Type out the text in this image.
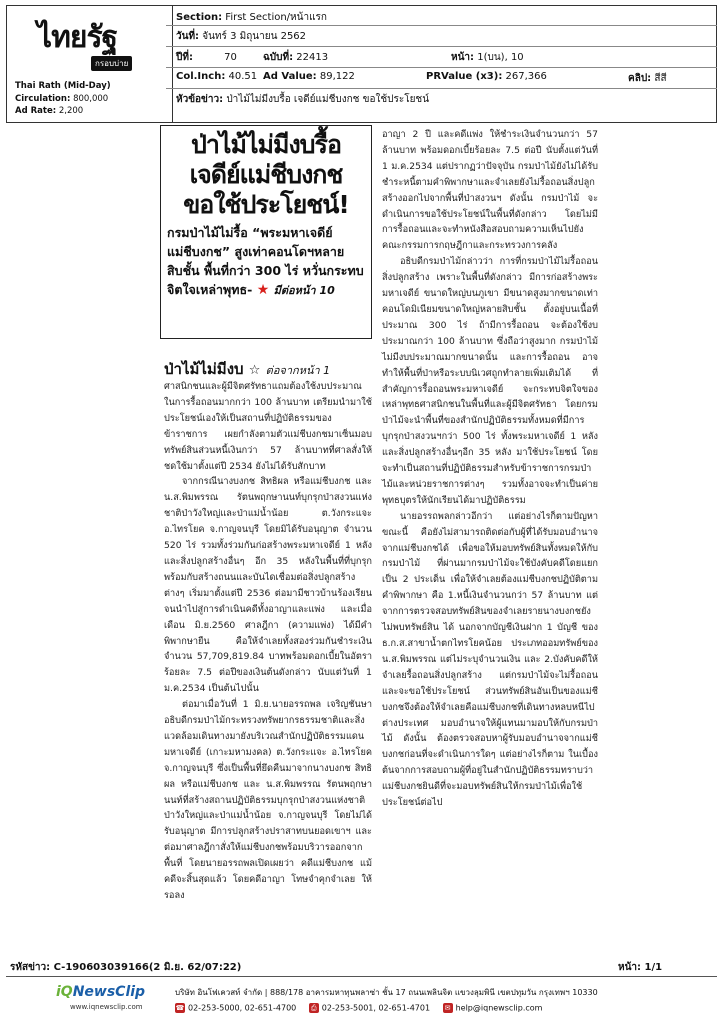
ไทยรัฐ
กรอบบ่าย
Thai Rath (Mid-Day)
Circulation: 800,000
Ad Rate: 2,200
Section: First Section/หน้าแรก
วันที่: จันทร์ 3 มิถุนายน 2562
ปีที่:	70	ฉบับที่: 22413	หน้า: 1(บน), 10
Col.Inch: 40.51 Ad Value: 89,122	PRValue (x3): 267,366	คลิป: สีสี
หัวข้อข่าว: ป่าไม้ไม่มีงบรื้อ เจดีย์แม่ชีบงกช ขอใช้ประโยชน์
ป่าไม้ไม่มีงบรื้อ
เจดีย์แม่ชีบงกช
ขอใช้ประโยชน์!
กรมป่าไม้ไม่รื้อ “พระมหาเจดีย์
แม่ชีบงกช” สูงเท่าคอนโดฯหลาย
สิบชั้น พื้นที่กว่า 300 ไร่ หวั่นกระทบ
จิตใจเหล่าพุทธ- ★ มีต่อหน้า 10
ป่าไม้ไม่มีงบ ☆ ต่อจากหน้า 1

ศาสนิกชนและผู้มีจิตศรัทธาแถมต้องใช้งบประมาณในการรื้อถอนมากกว่า 100 ล้านบาท เตรียมนำมาใช้ประโยชน์เองให้เป็นสถานที่ปฏิบัติธรรมของข้าราชการ เผยกำลังตามตัวแม่ชีบงกชมาเซ็นมอบทรัพย์สินส่วนหนี้เงินกว่า 57 ล้านบาทที่ศาลสั่งให้ชดใช้มาตั้งแต่ปี 2534 ยังไม่ได้รับสักบาท

จากกรณีนางบงกช สิทธิผล หรือแม่ชีบงกช และ น.ส.พิมพรรณ รัตนพฤกษานนท์บุกรุกป่าสงวนแห่งชาติป่าวังใหญ่และป่าแม่น้ำน้อย ต.วังกระแจะ อ.ไทรโยค จ.กาญจนบุรี โดยมิได้รับอนุญาต จำนวน 520 ไร่ รวมทั้งร่วมกันก่อสร้างพระมหาเจดีย์ 1 หลัง และสิ่งปลูกสร้างอื่นๆ อีก 35 หลังในพื้นที่ที่บุกรุก พร้อมกับสร้างถนนและบันไดเชื่อมต่อสิ่งปลูกสร้างต่างๆ เริ่มมาตั้งแต่ปี 2536 ต่อมามีชาวบ้านร้องเรียนจนนำไปสู่การดำเนินคดีทั้งอาญาและแพ่ง และเมื่อเดือน มิ.ย.2560 ศาลฎีกา (ความแพ่ง) ได้มีคำพิพากษายืน คือให้จำเลยทั้งสองร่วมกันชำระเงินจำนวน 57,709,819.84 บาทพร้อมดอกเบี้ยในอัตราร้อยละ 7.5 ต่อปีของเงินต้นดังกล่าว นับแต่วันที่ 1 ม.ค.2534 เป็นต้นไปนั้น

ต่อมาเมื่อวันที่ 1 มิ.ย.นายอรรถพล เจริญชันษาอธิบดีกรมป่าไม้กระทรวงทรัพยากรธรรมชาติและสิ่งแวดล้อมเดินทางมายังบริเวณสำนักปฏิบัติธรรมแดนมหาเจดีย์ (เกาะมหามงคล) ต.วังกระแจะ อ.ไทรโยค จ.กาญจนบุรี ซึ่งเป็นพื้นที่ยึดคืนมาจากนางบงกช สิทธิผล หรือแม่ชีบงกช และ น.ส.พิมพรรณ รัตนพฤกษานนท์ที่สร้างสถานปฏิบัติธรรมบุกรุกป่าสงวนแห่งชาติป่าวังใหญ่และป่าแม่น้ำน้อย จ.กาญจนบุรี โดยไม่ได้รับอนุญาต มีการปลูกสร้างปราสาทบนยอดเขาฯ และต่อมาศาลฎีกาสั่งให้แม่ชีบงกชพร้อมบริวารออกจากพื้นที่ โดยนายอรรถพลเปิดเผยว่า คดีแม่ชีบงกช แม้คดีจะสิ้นสุดแล้ว โดยคดีอาญา โทษจำคุกจำเลย ให้รอลง

อาญา 2 ปี และคดีแพ่ง ให้ชำระเงินจำนวนกว่า 57 ล้านบาท พร้อมดอกเบี้ยร้อยละ 7.5 ต่อปี นับตั้งแต่วันที่ 1 ม.ค.2534 แต่ปรากฏว่าปัจจุบัน กรมป่าไม้ยังไม่ได้รับชำระหนี้ตามคำพิพากษาและจำเลยยังไม่รื้อถอนสิ่งปลูกสร้างออกไปจากพื้นที่ป่าสงวนฯ ดังนั้น กรมป่าไม้ จะดำเนินการขอใช้ประโยชน์ในพื้นที่ดังกล่าว โดยไม่มีการรื้อถอนและจะทำหนังสือสอบถามความเห็นไปยังคณะกรรมการกฤษฎีกาและกระทรวงการคลัง

อธิบดีกรมป่าไม้กล่าวว่า การที่กรมป่าไม้ไม่รื้อถอนสิ่งปลูกสร้าง เพราะในพื้นที่ดังกล่าว มีการก่อสร้างพระมหาเจดีย์ ขนาดใหญ่บนภูเขา มีขนาดสูงมากขนาดเท่าคอนโดมิเนียมขนาดใหญ่หลายสิบชั้น ตั้งอยู่บนเนื้อที่ประมาณ 300 ไร่ ถ้ามีการรื้อถอน จะต้องใช้งบประมาณกว่า 100 ล้านบาท ซึ่งถือว่าสูงมาก กรมป่าไม้ไม่มีงบประมาณมากขนาดนั้น และการรื้อถอน อาจทำให้พื้นที่ป่าหรือระบบนิเวศถูกทำลายเพิ่มเติมได้ ที่สำคัญการรื้อถอนพระมหาเจดีย์ จะกระทบจิตใจของเหล่าพุทธศาสนิกชนในพื้นที่และผู้มีจิตศรัทธา โดยกรมป่าไม้จะนำพื้นที่ของสำนักปฏิบัติธรรมทั้งหมดที่มีการบุกรุกป่าสงวนฯกว่า 500 ไร่ ทั้งพระมหาเจดีย์ 1 หลัง และสิ่งปลูกสร้างอื่นๆอีก 35 หลัง มาใช้ประโยชน์ โดยจะทำเป็นสถานที่ปฏิบัติธรรมสำหรับข้าราชการกรมป่าไม้และหน่วยราชการต่างๆ รวมทั้งอาจจะทำเป็นค่ายพุทธบุตรให้นักเรียนได้มาปฏิบัติธรรม

นายอรรถพลกล่าวอีกว่า แต่อย่างไรก็ตามปัญหาขณะนี้ คือยังไม่สามารถติดต่อกับผู้ที่ได้รับมอบอำนาจจากแม่ชีบงกชได้ เพื่อขอให้มอบทรัพย์สินทั้งหมดให้กับกรมป่าไม้ ที่ผ่านมากรมป่าไม้จะใช้บังคับคดีโดยแยกเป็น 2 ประเด็น เพื่อให้จำเลยต้องแม่ชีบงกชปฏิบัติตามคำพิพากษา คือ 1.หนี้เงินจำนวนกว่า 57 ล้านบาท แต่จากการตรวจสอบทรัพย์สินของจำเลยรายนางบงกชยังไม่พบทรัพย์สิน ได้ นอกจากบัญชีเงินฝาก 1 บัญชี ของ ธ.ก.ส.สาขาน้ำตกไทรโยคน้อย ประเภทออมทรัพย์ของ น.ส.พิมพรรณ แต่ไม่ระบุจำนวนเงิน และ 2.บังคับคดีให้จำเลยรื้อถอนสิ่งปลูกสร้าง แต่กรมป่าไม้จะไม่รื้อถอน และจะขอใช้ประโยชน์ ส่วนทรัพย์สินอันเป็นของแม่ชีบงกชจึงต้องให้จำเลยคือแม่ชีบงกชที่เดินทางหลบหนีไปต่างประเทศ มอบอำนาจให้ผู้แทนมามอบให้กับกรมป่าไม้ ดังนั้น ต้องตรวจสอบหาผู้รับมอบอำนาจจากแม่ชีบงกชก่อนที่จะดำเนินการใดๆ แต่อย่างไรก็ตาม ในเบื้องต้นจากการสอบถามผู้ที่อยู่ในสำนักปฏิบัติธรรมทราบว่าแม่ชีบงกชยินดีที่จะมอบทรัพย์สินให้กรมป่าไม้เพื่อใช้ประโยชน์ต่อไป

รหัสข่าว: C-190603039166(2 มิ.ย. 62/07:22)	หน้า: 1/1
iQNewsClip
www.iqnewsclip.com
บริษัท อินโฟเควสท์ จำกัด | 888/178 อาคารมหาทุนพลาซ่า ชั้น 17 ถนนเพลินจิต แขวงลุมพินี เขตปทุมวัน กรุงเทพฯ 10330
☎ 02-253-5000, 02-651-4700 ⎙ 02-253-5001, 02-651-4701 ✉ help@iqnewsclip.com
